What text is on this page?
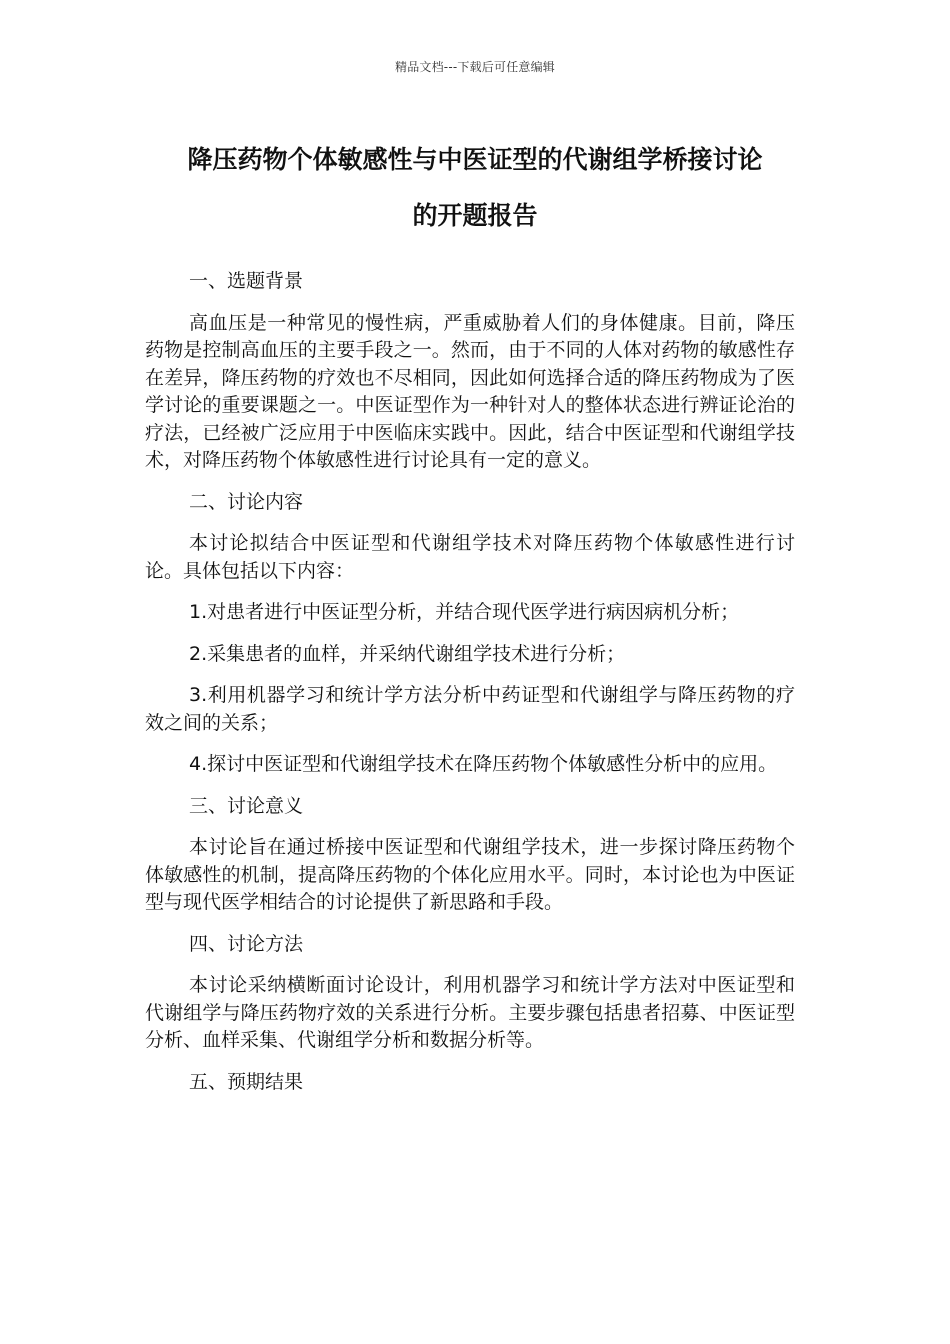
精品文档---下载后可任意编辑
降压药物个体敏感性与中医证型的代谢组学桥接讨论
的开题报告

一、选题背景

高血压是一种常见的慢性病，严重威胁着人们的身体健康。目前，降压药物是控制高血压的主要手段之一。然而，由于不同的人体对药物的敏感性存在差异，降压药物的疗效也不尽相同，因此如何选择合适的降压药物成为了医学讨论的重要课题之一。中医证型作为一种针对人的整体状态进行辨证论治的疗法，已经被广泛应用于中医临床实践中。因此，结合中医证型和代谢组学技术，对降压药物个体敏感性进行讨论具有一定的意义。

二、讨论内容

本讨论拟结合中医证型和代谢组学技术对降压药物个体敏感性进行讨论。具体包括以下内容：

1.对患者进行中医证型分析，并结合现代医学进行病因病机分析；

2.采集患者的血样，并采纳代谢组学技术进行分析；

3.利用机器学习和统计学方法分析中药证型和代谢组学与降压药物的疗效之间的关系；

4.探讨中医证型和代谢组学技术在降压药物个体敏感性分析中的应用。

三、讨论意义

本讨论旨在通过桥接中医证型和代谢组学技术，进一步探讨降压药物个体敏感性的机制，提高降压药物的个体化应用水平。同时，本讨论也为中医证型与现代医学相结合的讨论提供了新思路和手段。

四、讨论方法

本讨论采纳横断面讨论设计，利用机器学习和统计学方法对中医证型和代谢组学与降压药物疗效的关系进行分析。主要步骤包括患者招募、中医证型分析、血样采集、代谢组学分析和数据分析等。

五、预期结果
